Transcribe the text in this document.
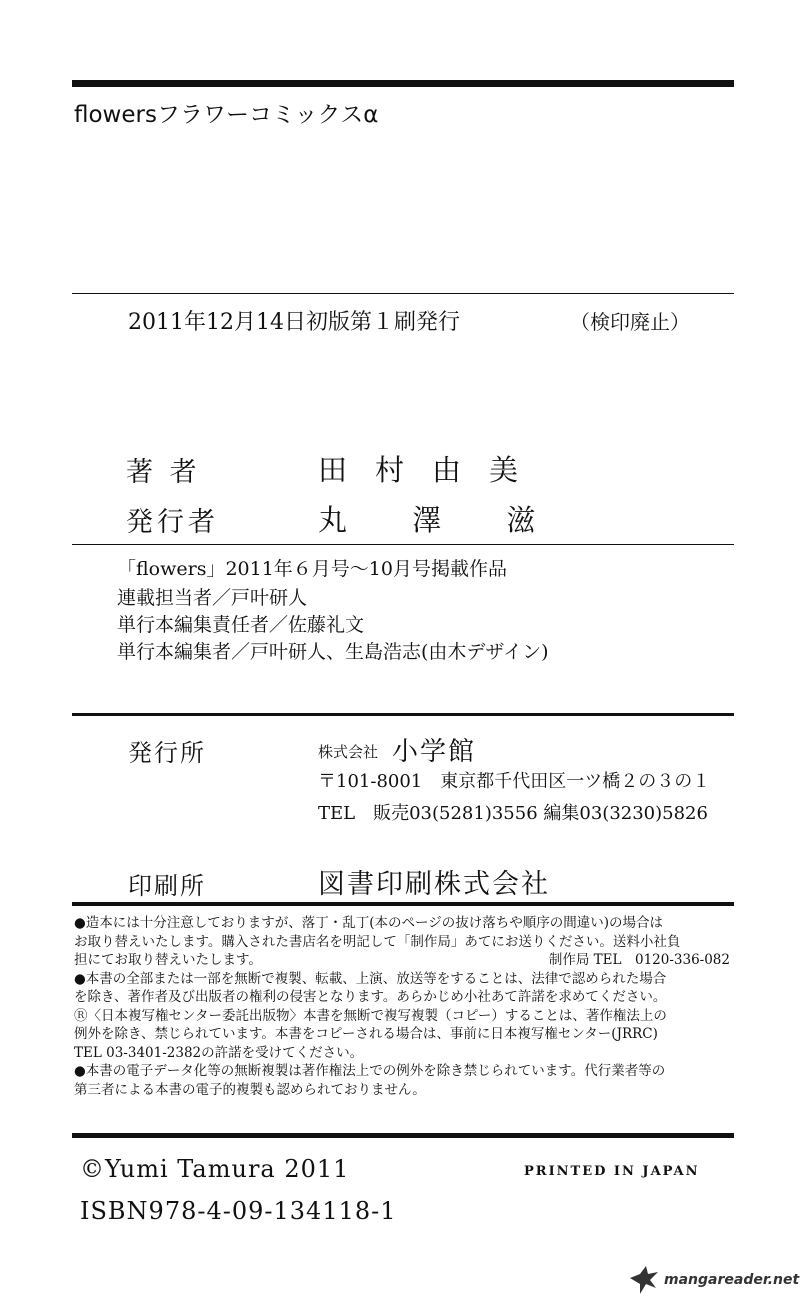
flowersフラワーコミックスα
2011年12月14日初版第１刷発行	（検印廃止）
著 者	田村由美
発行者	丸 澤 滋
「flowers」2011年６月号～10月号掲載作品
連載担当者／戸叶研人
単行本編集責任者／佐藤礼文
単行本編集者／戸叶研人、生島浩志(由木デザイン)
発行所	株式会社 小学館
〒101-8001　東京都千代田区一ツ橋２の３の１
TEL　販売03(5281)3556 編集03(3230)5826
印刷所	図書印刷株式会社

●造本には十分注意しておりますが、落丁・乱丁(本のページの抜け落ちや順序の間違い)の場合は

お取り替えいたします。購入された書店名を明記して「制作局」あてにお送りください。送料小社負

担にてお取り替えいたします。	制作局 TEL　0120-336-082

●本書の全部または一部を無断で複製、転載、上演、放送等をすることは、法律で認められた場合

を除き、著作者及び出版者の権利の侵害となります。あらかじめ小社あて許諾を求めてください。

Ⓡ〈日本複写権センター委託出版物〉本書を無断で複写複製（コピー）することは、著作権法上の

例外を除き、禁じられています。本書をコピーされる場合は、事前に日本複写権センター(JRRC)

TEL 03-3401-2382の許諾を受けてください。

●本書の電子データ化等の無断複製は著作権法上での例外を除き禁じられています。代行業者等の

第三者による本書の電子的複製も認められておりません。

©Yumi Tamura 2011	PRINTED IN JAPAN
ISBN978-4-09-134118-1
mangareader.net
